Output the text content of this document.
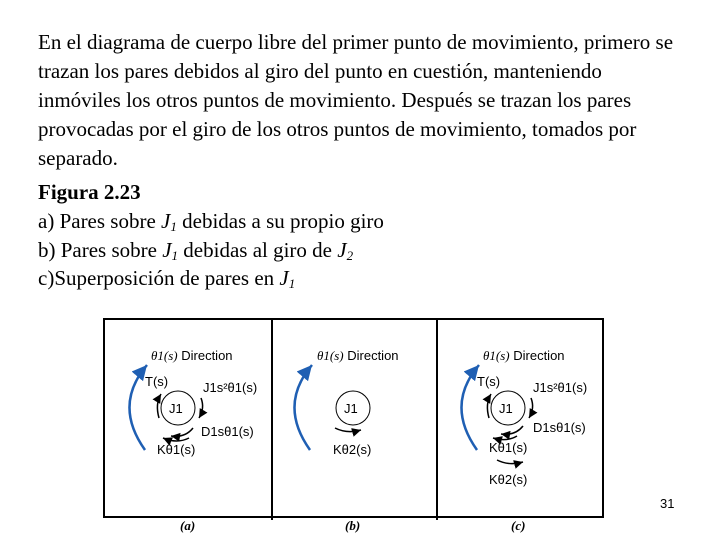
En el diagrama de cuerpo libre del primer punto de movimiento, primero se trazan los pares debidos al giro del punto en cuestión, manteniendo inmóviles los otros puntos de movimiento. Después se trazan los pares provocadas por el giro de los otros puntos de movimiento, tomados por separado.

Figura 2.23
a) Pares sobre $J_1$ debidas a su propio giro
b) Pares sobre $J_1$ debidas al giro de $J_2$
c)Superposición de pares en $J_1$
θ1(s) Direction
J1
T(s)	J1s²θ1(s)
D1sθ1(s)
Kθ1(s)
θ1(s) Direction
J1
Kθ2(s)
θ1(s) Direction
J1
T(s)	J1s²θ1(s)
D1sθ1(s)
Kθ1(s)
Kθ2(s)
(a)	(b)	(c)
31
